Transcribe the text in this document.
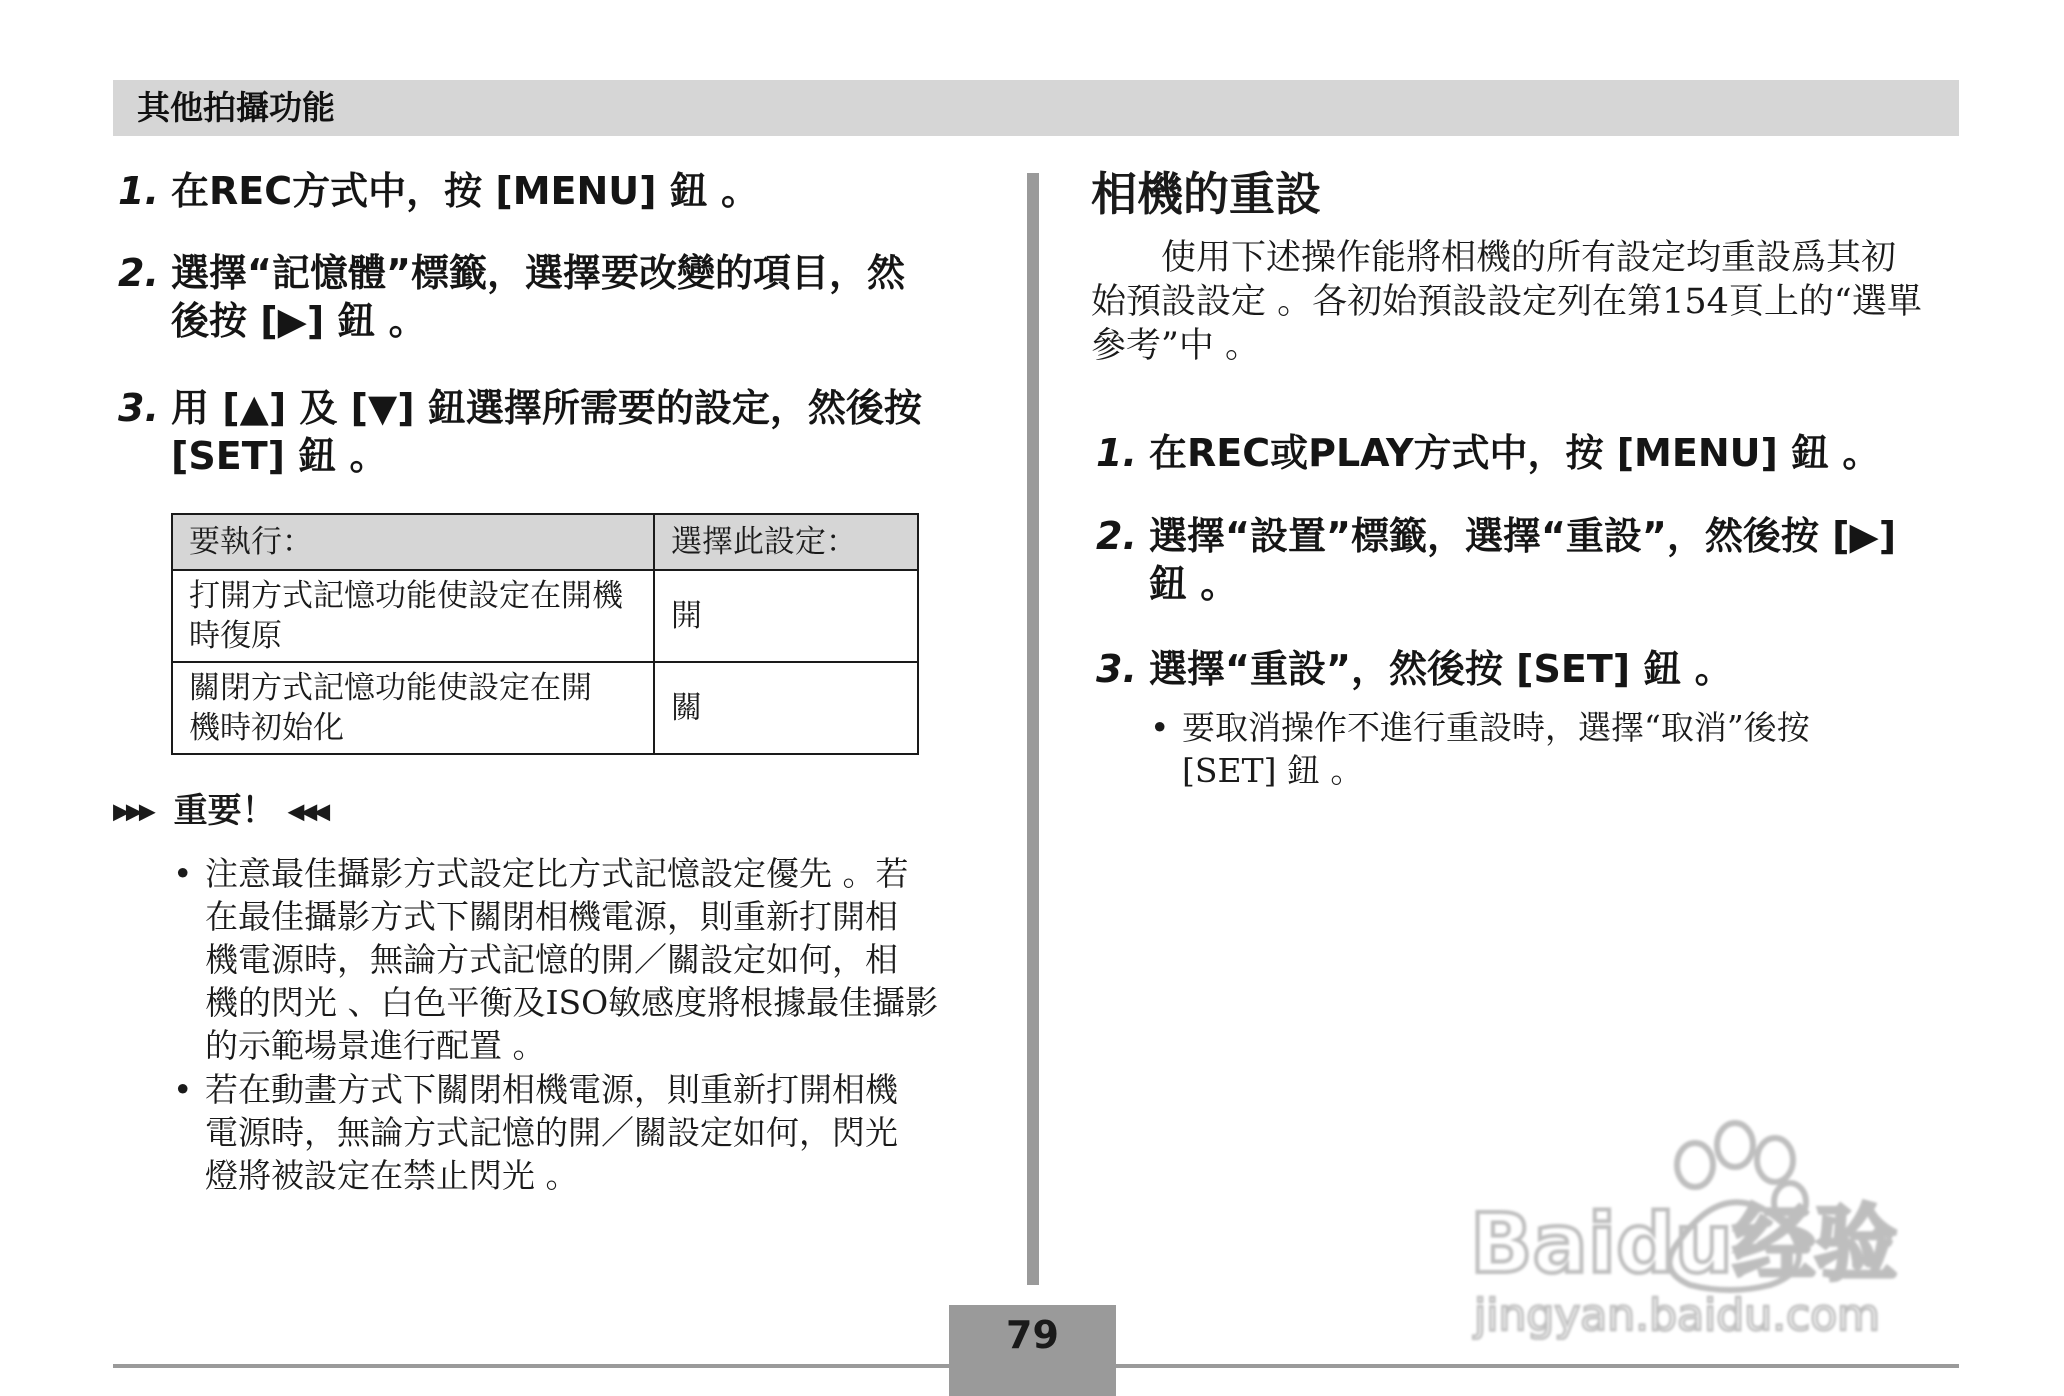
其他拍攝功能
1. 在REC方式中，按 [MENU] 鈕 。
2. 選擇“記憶體”標籤，選擇要改變的項目，然
後按 [▶] 鈕 。
3. 用 [▲] 及 [▼] 鈕選擇所需要的設定，然後按
[SET] 鈕 。
要執行：	選擇此設定：

打開方式記憶功能使設定在開機
時復原	開

關閉方式記憶功能使設定在開
機時初始化	關
▶▶▶ 重要！ ◀◀◀
• 注意最佳攝影方式設定比方式記憶設定優先 。若
在最佳攝影方式下關閉相機電源，則重新打開相
機電源時，無論方式記憶的開／關設定如何，相
機的閃光 、白色平衡及ISO敏感度將根據最佳攝影
的示範場景進行配置 。
• 若在動畫方式下關閉相機電源，則重新打開相機
電源時，無論方式記憶的開／關設定如何，閃光
燈將被設定在禁止閃光 。
相機的重設
　　使用下述操作能將相機的所有設定均重設爲其初
始預設設定 。各初始預設設定列在第154頁上的“選單
參考”中 。
1. 在REC或PLAY方式中，按 [MENU] 鈕 。
2. 選擇“設置”標籤，選擇“重設”，然後按 [▶]
鈕 。
3. 選擇“重設”，然後按 [SET] 鈕 。
• 要取消操作不進行重設時，選擇“取消”後按
[SET] 鈕 。
Baidu经验
jingyan.baidu.com
79
